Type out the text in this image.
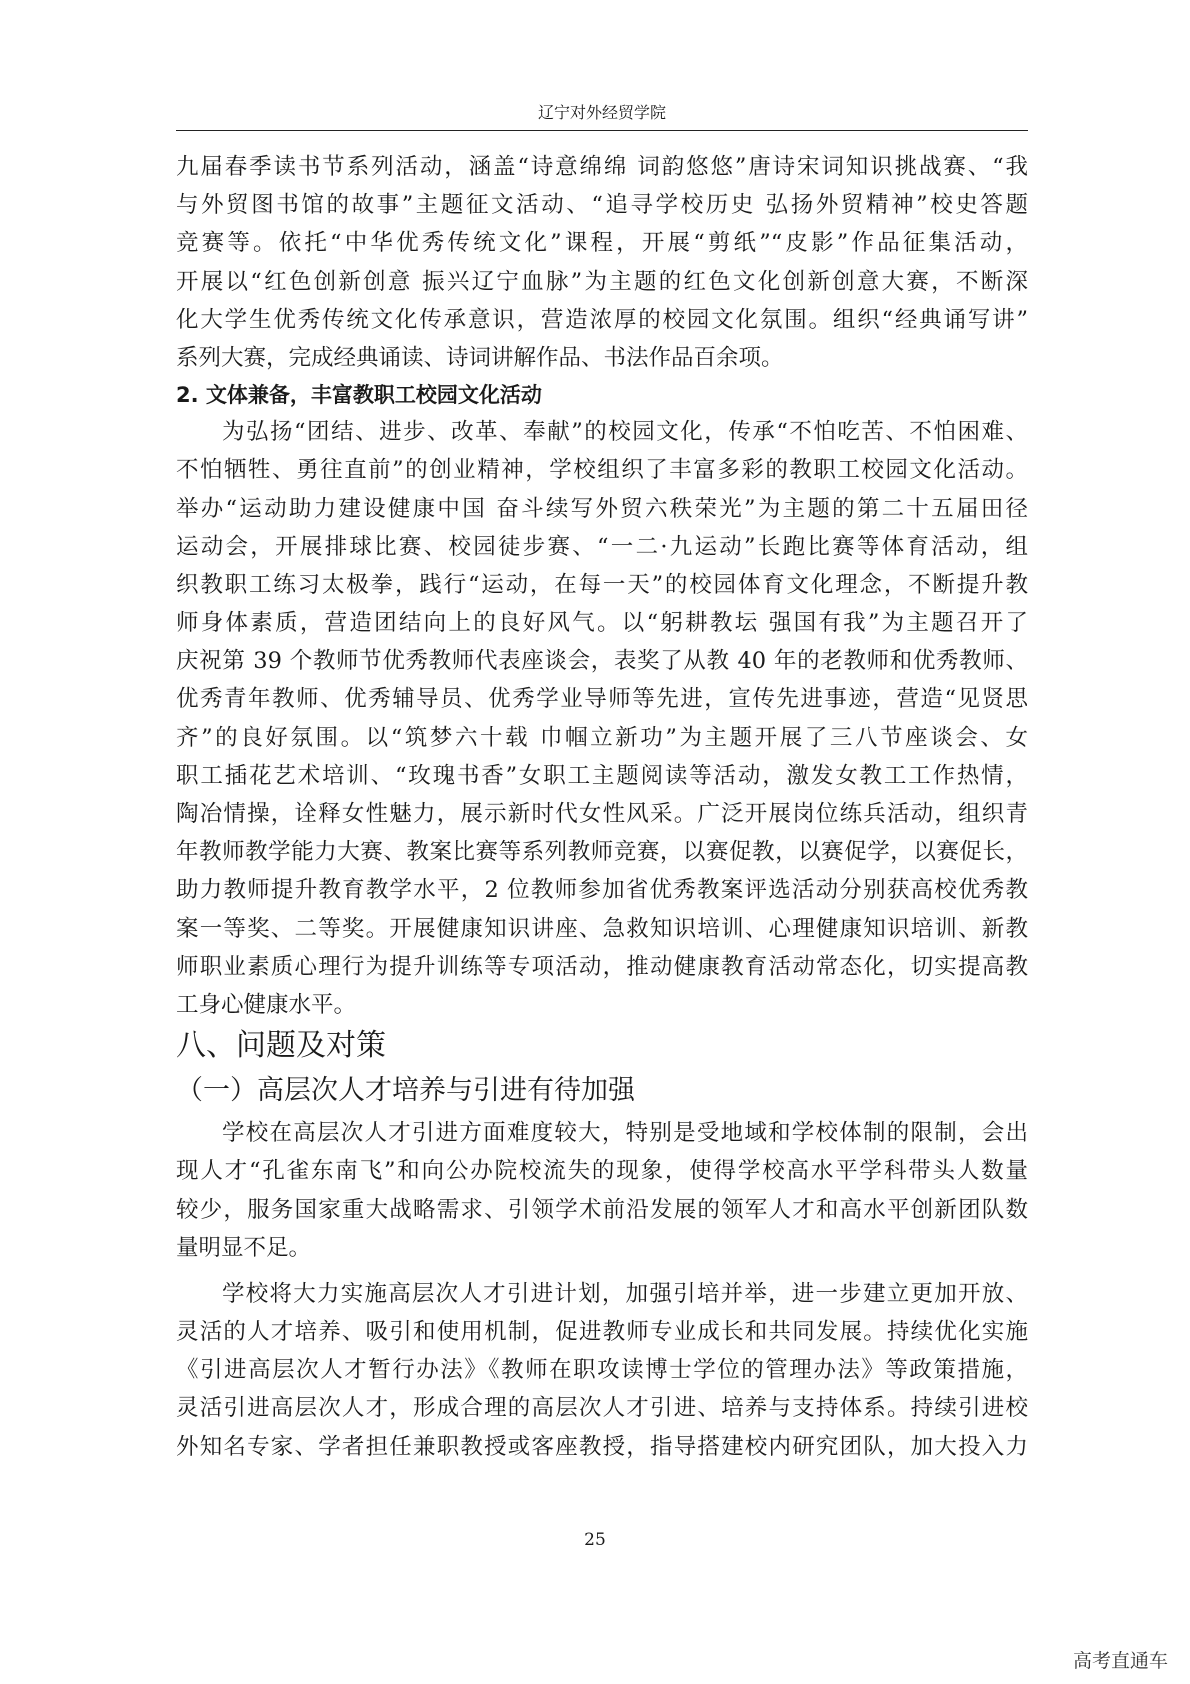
辽宁对外经贸学院
九届春季读书节系列活动，涵盖“诗意绵绵 词韵悠悠”唐诗宋词知识挑战赛、“我
与外贸图书馆的故事”主题征文活动、“追寻学校历史 弘扬外贸精神”校史答题
竞赛等。依托“中华优秀传统文化”课程，开展“剪纸”“皮影”作品征集活动，
开展以“红色创新创意 振兴辽宁血脉”为主题的红色文化创新创意大赛，不断深
化大学生优秀传统文化传承意识，营造浓厚的校园文化氛围。组织“经典诵写讲”
系列大赛，完成经典诵读、诗词讲解作品、书法作品百余项。
2. 文体兼备，丰富教职工校园文化活动
为弘扬“团结、进步、改革、奉献”的校园文化，传承“不怕吃苦、不怕困难、
不怕牺牲、勇往直前”的创业精神，学校组织了丰富多彩的教职工校园文化活动。
举办“运动助力建设健康中国 奋斗续写外贸六秩荣光”为主题的第二十五届田径
运动会，开展排球比赛、校园徒步赛、“一二·九运动”长跑比赛等体育活动，组
织教职工练习太极拳，践行“运动，在每一天”的校园体育文化理念，不断提升教
师身体素质，营造团结向上的良好风气。以“躬耕教坛 强国有我”为主题召开了
庆祝第 39 个教师节优秀教师代表座谈会，表奖了从教 40 年的老教师和优秀教师、
优秀青年教师、优秀辅导员、优秀学业导师等先进，宣传先进事迹，营造“见贤思
齐”的良好氛围。以“筑梦六十载 巾帼立新功”为主题开展了三八节座谈会、女
职工插花艺术培训、“玫瑰书香”女职工主题阅读等活动，激发女教工工作热情，
陶冶情操，诠释女性魅力，展示新时代女性风采。广泛开展岗位练兵活动，组织青
年教师教学能力大赛、教案比赛等系列教师竞赛，以赛促教，以赛促学，以赛促长，
助力教师提升教育教学水平，2 位教师参加省优秀教案评选活动分别获高校优秀教
案一等奖、二等奖。开展健康知识讲座、急救知识培训、心理健康知识培训、新教
师职业素质心理行为提升训练等专项活动，推动健康教育活动常态化，切实提高教
工身心健康水平。
八、问题及对策
（一）高层次人才培养与引进有待加强
学校在高层次人才引进方面难度较大，特别是受地域和学校体制的限制，会出
现人才“孔雀东南飞”和向公办院校流失的现象，使得学校高水平学科带头人数量
较少，服务国家重大战略需求、引领学术前沿发展的领军人才和高水平创新团队数
量明显不足。
学校将大力实施高层次人才引进计划，加强引培并举，进一步建立更加开放、
灵活的人才培养、吸引和使用机制，促进教师专业成长和共同发展。持续优化实施
《引进高层次人才暂行办法》《教师在职攻读博士学位的管理办法》等政策措施，
灵活引进高层次人才，形成合理的高层次人才引进、培养与支持体系。持续引进校
外知名专家、学者担任兼职教授或客座教授，指导搭建校内研究团队，加大投入力
25
高考直通车
